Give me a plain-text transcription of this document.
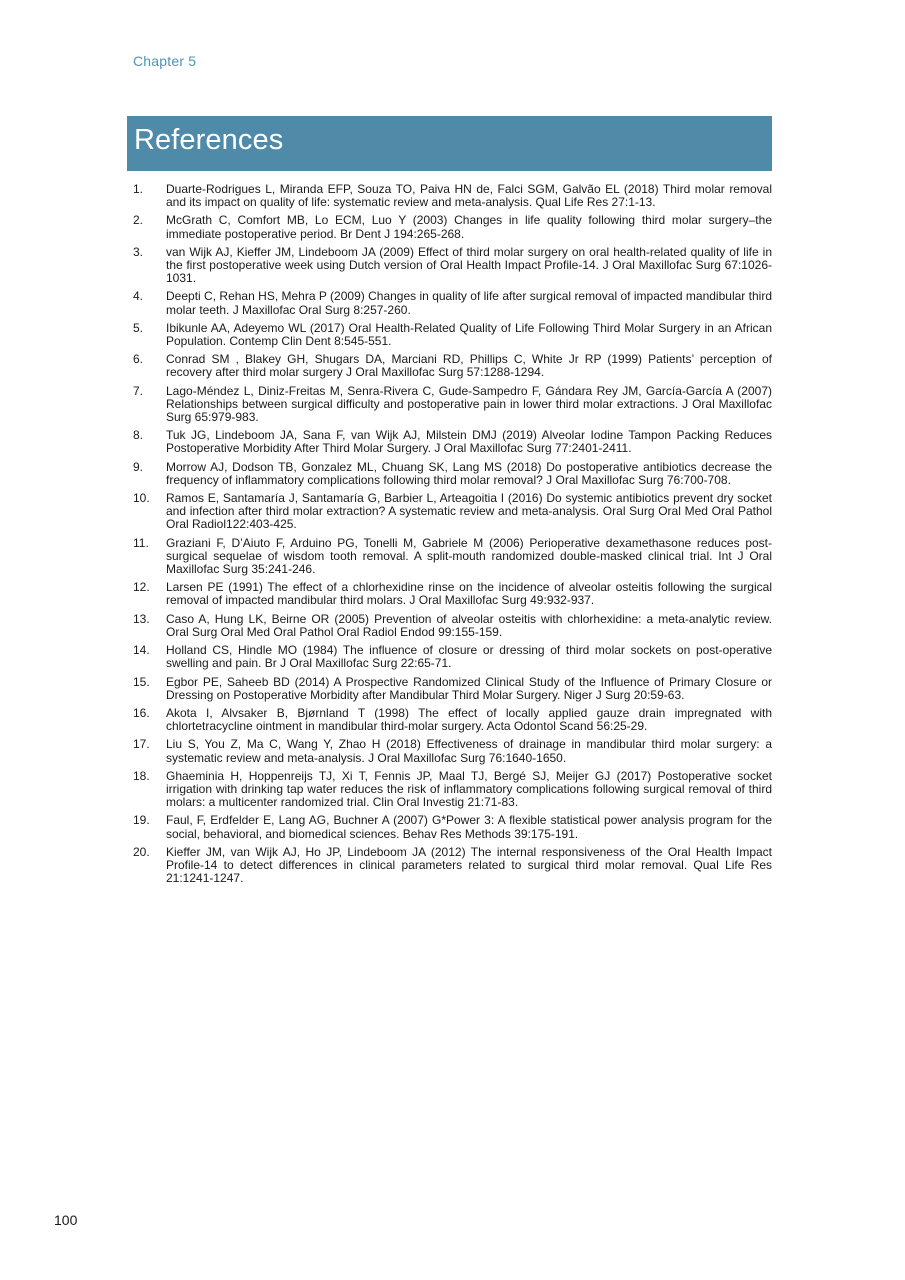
Chapter 5
References
1. Duarte-Rodrigues L, Miranda EFP, Souza TO, Paiva HN de, Falci SGM, Galvão EL (2018) Third molar removal and its impact on quality of life: systematic review and meta-analysis. Qual Life Res 27:1-13.
2. McGrath C, Comfort MB, Lo ECM, Luo Y (2003) Changes in life quality following third molar surgery–the immediate postoperative period. Br Dent J 194:265-268.
3. van Wijk AJ, Kieffer JM, Lindeboom JA (2009) Effect of third molar surgery on oral health-related quality of life in the first postoperative week using Dutch version of Oral Health Impact Profile-14. J Oral Maxillofac Surg 67:1026-1031.
4. Deepti C, Rehan HS, Mehra P (2009) Changes in quality of life after surgical removal of impacted mandibular third molar teeth. J Maxillofac Oral Surg 8:257-260.
5. Ibikunle AA, Adeyemo WL (2017) Oral Health-Related Quality of Life Following Third Molar Surgery in an African Population. Contemp Clin Dent 8:545-551.
6. Conrad SM , Blakey GH, Shugars DA, Marciani RD, Phillips C, White Jr RP (1999) Patients’ perception of recovery after third molar surgery J Oral Maxillofac Surg 57:1288-1294.
7. Lago-Méndez L, Diniz-Freitas M, Senra-Rivera C, Gude-Sampedro F, Gándara Rey JM, García-García A (2007) Relationships between surgical difficulty and postoperative pain in lower third molar extractions. J Oral Maxillofac Surg 65:979-983.
8. Tuk JG, Lindeboom JA, Sana F, van Wijk AJ, Milstein DMJ (2019) Alveolar Iodine Tampon Packing Reduces Postoperative Morbidity After Third Molar Surgery. J Oral Maxillofac Surg 77:2401-2411.
9. Morrow AJ, Dodson TB, Gonzalez ML, Chuang SK, Lang MS (2018) Do postoperative antibiotics decrease the frequency of inflammatory complications following third molar removal? J Oral Maxillofac Surg 76:700-708.
10. Ramos E, Santamaría J, Santamaría G, Barbier L, Arteagoitia I (2016) Do systemic antibiotics prevent dry socket and infection after third molar extraction? A systematic review and meta-analysis. Oral Surg Oral Med Oral Pathol Oral Radiol122:403-425.
11. Graziani F, D’Aiuto F, Arduino PG, Tonelli M, Gabriele M (2006) Perioperative dexamethasone reduces post-surgical sequelae of wisdom tooth removal. A split-mouth randomized double-masked clinical trial. Int J Oral Maxillofac Surg 35:241-246.
12. Larsen PE (1991) The effect of a chlorhexidine rinse on the incidence of alveolar osteitis following the surgical removal of impacted mandibular third molars. J Oral Maxillofac Surg 49:932-937.
13. Caso A, Hung LK, Beirne OR (2005) Prevention of alveolar osteitis with chlorhexidine: a meta-analytic review. Oral Surg Oral Med Oral Pathol Oral Radiol Endod 99:155-159.
14. Holland CS, Hindle MO (1984) The influence of closure or dressing of third molar sockets on post-operative swelling and pain. Br J Oral Maxillofac Surg 22:65-71.
15. Egbor PE, Saheeb BD (2014) A Prospective Randomized Clinical Study of the Influence of Primary Closure or Dressing on Postoperative Morbidity after Mandibular Third Molar Surgery. Niger J Surg 20:59-63.
16. Akota I, Alvsaker B, Bjørnland T (1998) The effect of locally applied gauze drain impregnated with chlortetracycline ointment in mandibular third-molar surgery. Acta Odontol Scand 56:25-29.
17. Liu S, You Z, Ma C, Wang Y, Zhao H (2018) Effectiveness of drainage in mandibular third molar surgery: a systematic review and meta-analysis. J Oral Maxillofac Surg 76:1640-1650.
18. Ghaeminia H, Hoppenreijs TJ, Xi T, Fennis JP, Maal TJ, Bergé SJ, Meijer GJ (2017) Postoperative socket irrigation with drinking tap water reduces the risk of inflammatory complications following surgical removal of third molars: a multicenter randomized trial. Clin Oral Investig 21:71-83.
19. Faul, F, Erdfelder E, Lang AG, Buchner A (2007) G*Power 3: A flexible statistical power analysis program for the social, behavioral, and biomedical sciences. Behav Res Methods 39:175-191.
20. Kieffer JM, van Wijk AJ, Ho JP, Lindeboom JA (2012) The internal responsiveness of the Oral Health Impact Profile-14 to detect differences in clinical parameters related to surgical third molar removal. Qual Life Res 21:1241-1247.
100
